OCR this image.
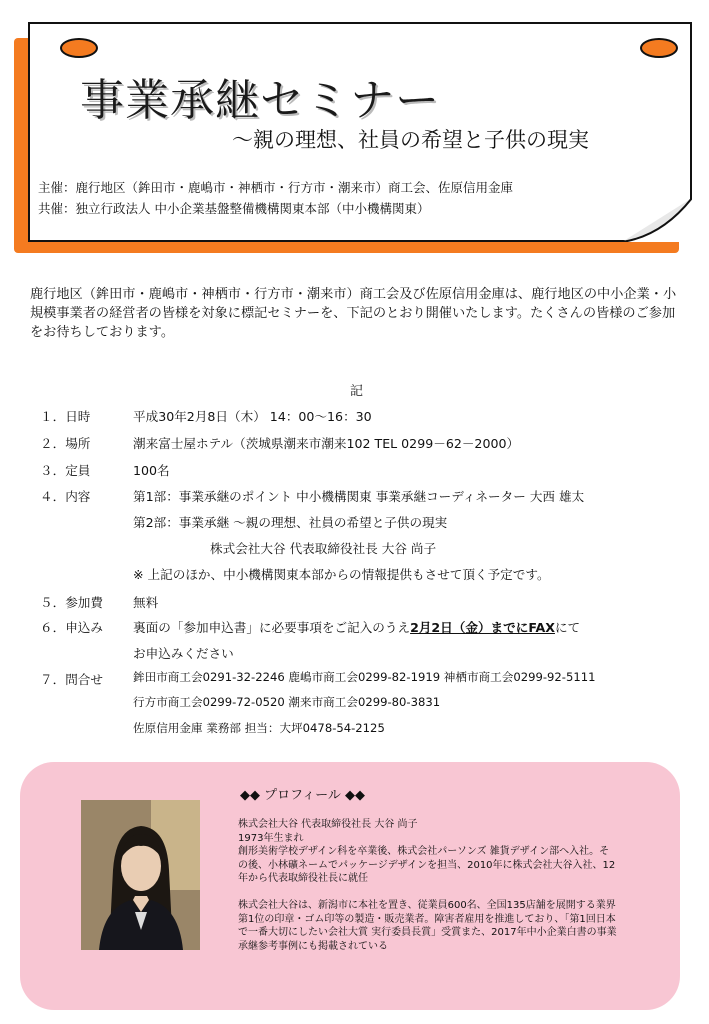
事業承継セミナー
～親の理想、社員の希望と子供の現実
主催：鹿行地区（鉾田市・鹿嶋市・神栖市・行方市・潮来市）商工会、佐原信用金庫
共催：独立行政法人 中小企業基盤整備機構関東本部（中小機構関東）
鹿行地区（鉾田市・鹿嶋市・神栖市・行方市・潮来市）商工会及び佐原信用金庫は、鹿行地区の中小企業・小規模事業者の経営者の皆様を対象に標記セミナーを、下記のとおり開催いたします。たくさんの皆様のご参加をお待ちしております。
記
１．日時	平成30年2月8日（木） 14：00～16：30
２．場所	潮来富士屋ホテル（茨城県潮来市潮来102 TEL 0299－62－2000）
３．定員	100名
４．内容	第1部：事業承継のポイント 中小機構関東 事業承継コーディネーター 大西 雄太
第2部：事業承継 ～親の理想、社員の希望と子供の現実
株式会社大谷 代表取締役社長 大谷 尚子
※ 上記のほか、中小機構関東本部からの情報提供もさせて頂く予定です。
５．参加費 無料
６．申込み 裏面の「参加申込書」に必要事項をご記入のうえ2月2日（金）までにFAXにて
お申込みください
７．問合せ	鉾田市商工会0291-32-2246 鹿嶋市商工会0299-82-1919 神栖市商工会0299-92-5111
行方市商工会0299-72-0520 潮来市商工会0299-80-3831
佐原信用金庫 業務部 担当：大坪0478-54-2125
◆◆ プロフィール ◆◆
株式会社大谷 代表取締役社長 大谷 尚子
1973年生まれ
創形美術学校デザイン科を卒業後、株式会社パーソンズ 雑貨デザイン部へ入社。その後、小林礦ネームでパッケージデザインを担当、2010年に株式会社大谷入社、12年から代表取締役社長に就任
株式会社大谷は、新潟市に本社を置き、従業員600名、全国135店舗を展開する業界第1位の印章・ゴム印等の製造・販売業者。障害者雇用を推進しており、「第1回日本で一番大切にしたい会社大賞 実行委員長賞」受賞また、2017年中小企業白書の事業承継参考事例にも掲載されている
